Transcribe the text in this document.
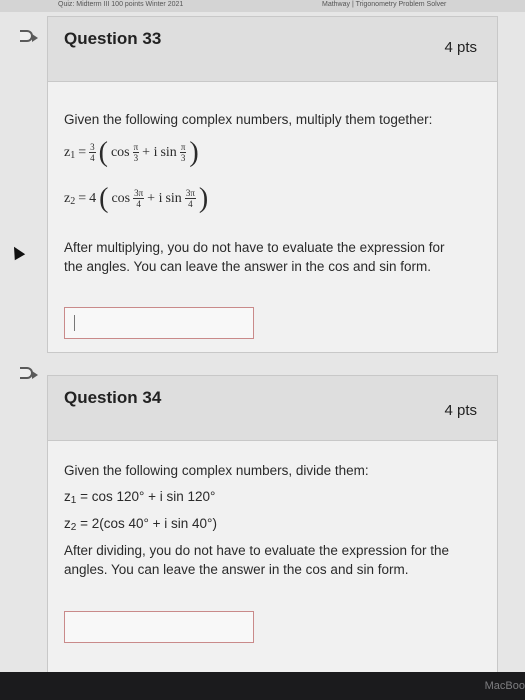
Quiz: Midterm III 100 points Winter 2021	Mathway | Trigonometry Problem Solver
Question 33	4 pts
Given the following complex numbers, multiply them together:
$z_1 = \frac{3}{4}$ ( $\cos \frac{\pi}{3} + i$ $\sin \frac{\pi}{3}$ )
$z_2 = 4$ ( $\cos \frac{3\pi}{4} + i$ $\sin \frac{3\pi}{4}$ )
After multiplying, you do not have to evaluate the expression for
the angles. You can leave the answer in the cos and sin form.
Question 34
4 pts
Given the following complex numbers, divide them:
$z_1 = \cos 120^\circ + i$ sin 120°
$z_2 = 2(\cos$ 40° + i sin 40°)
After dividing, you do not have to evaluate the expression for the
angles. You can leave the answer in the cos and sin form.
MacBoo
